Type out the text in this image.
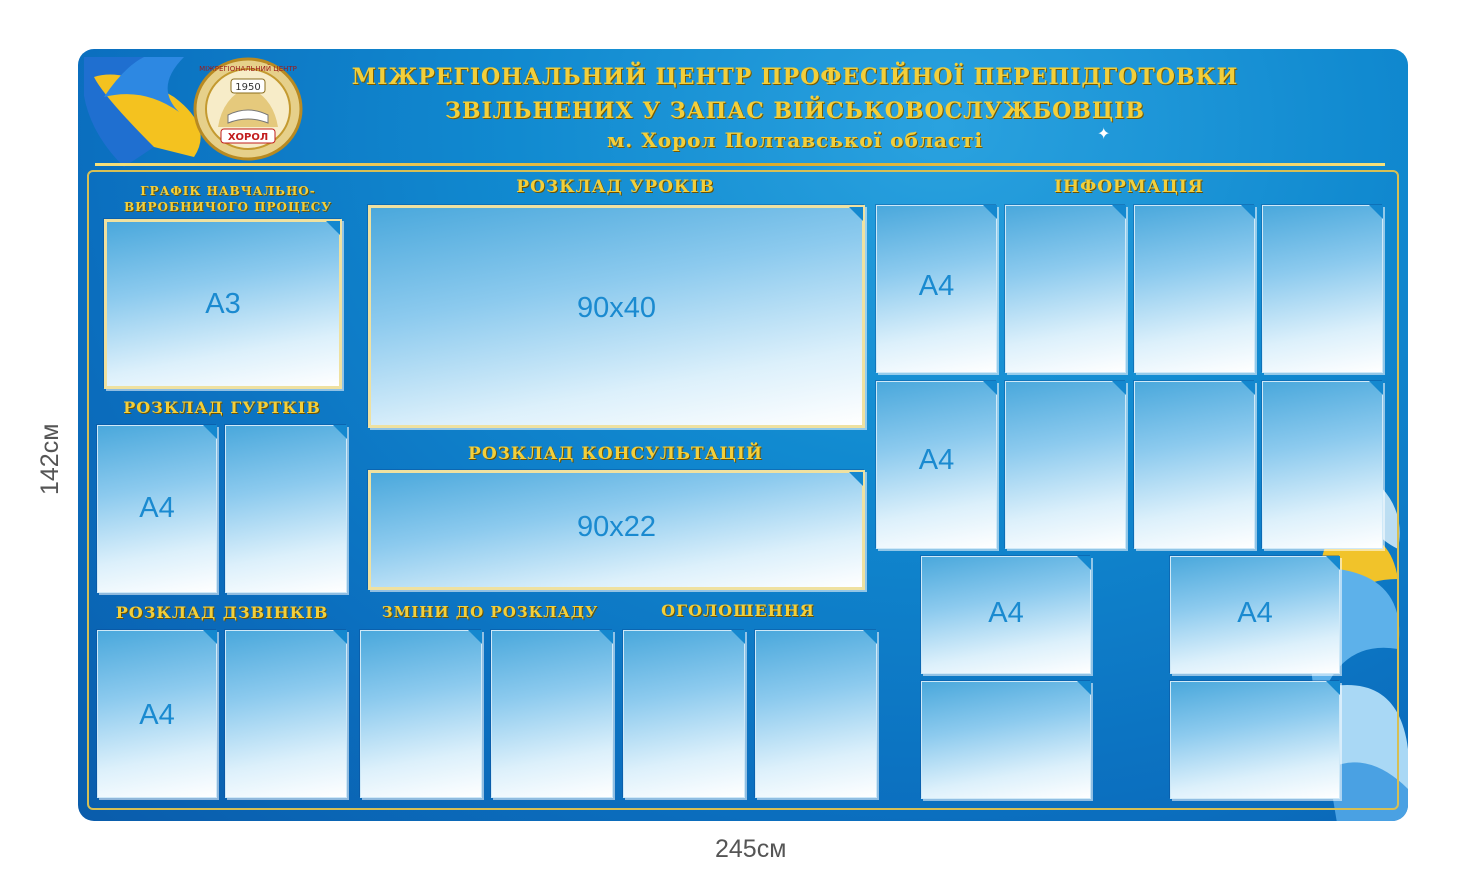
1950
ХОРОЛ
МІЖРЕГІОНАЛЬНИЙ ЦЕНТР	МІЖРЕГІОНАЛЬНИЙ ЦЕНТР ПРОФЕСІЙНОЇ ПЕРЕПІДГОТОВКИ
ЗВІЛЬНЕНИХ У ЗАПАС ВІЙСЬКОВОСЛУЖБОВЦІВ
м. Хорол Полтавської області	✦
ГРАФІК НАВЧАЛЬНО-ВИРОБНИЧОГО ПРОЦЕСУ
РОЗКЛАД УРОКІВ	ІНФОРМАЦІЯ
РОЗКЛАД ГУРТКІВ
РОЗКЛАД КОНСУЛЬТАЦІЙ
РОЗКЛАД ДЗВІНКІВ	ЗМІНИ ДО РОЗКЛАДУ	ОГОЛОШЕННЯ
А3	90х40
90х22
А4
А4
А4
А4
А4	А4
245см
142см
